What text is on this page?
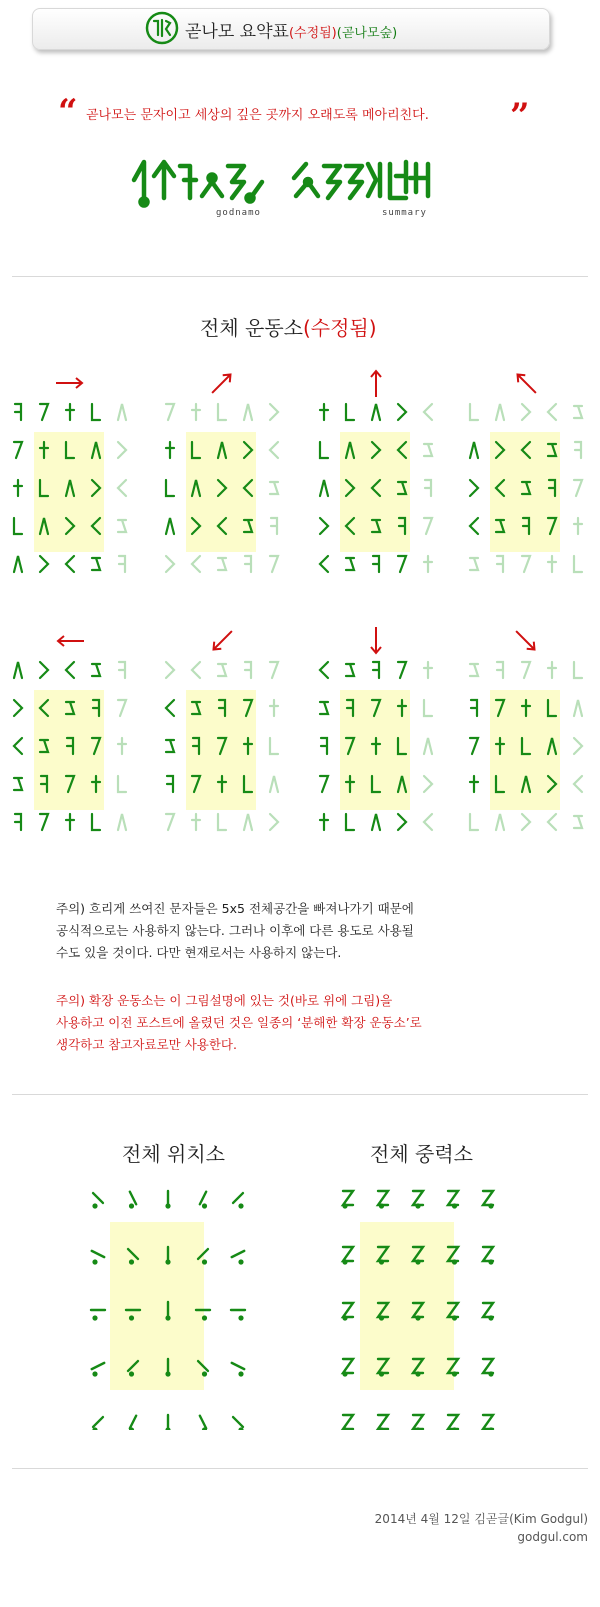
곧나모 요약표(수정됨)(곧나모숲)
“ 곧나모는 문자이고 세상의 깊은 곳까지 오래도록 메아리친다. ”
godnamo	summary
전체 운동소(수정됨)
주의) 흐리게 쓰여진 문자들은 5x5 전체공간을 빠져나가기 때문에
공식적으로는 사용하지 않는다. 그러나 이후에 다른 용도로 사용될
수도 있을 것이다. 다만 현재로서는 사용하지 않는다.
주의) 확장 운동소는 이 그림설명에 있는 것(바로 위에 그림)을
사용하고 이전 포스트에 올렸던 것은 일종의 ‘분해한 확장 운동소’로
생각하고 참고자료로만 사용한다.
전체 위치소	전체 중력소
2014년 4월 12일 김곧글(Kim Godgul)
godgul.com
